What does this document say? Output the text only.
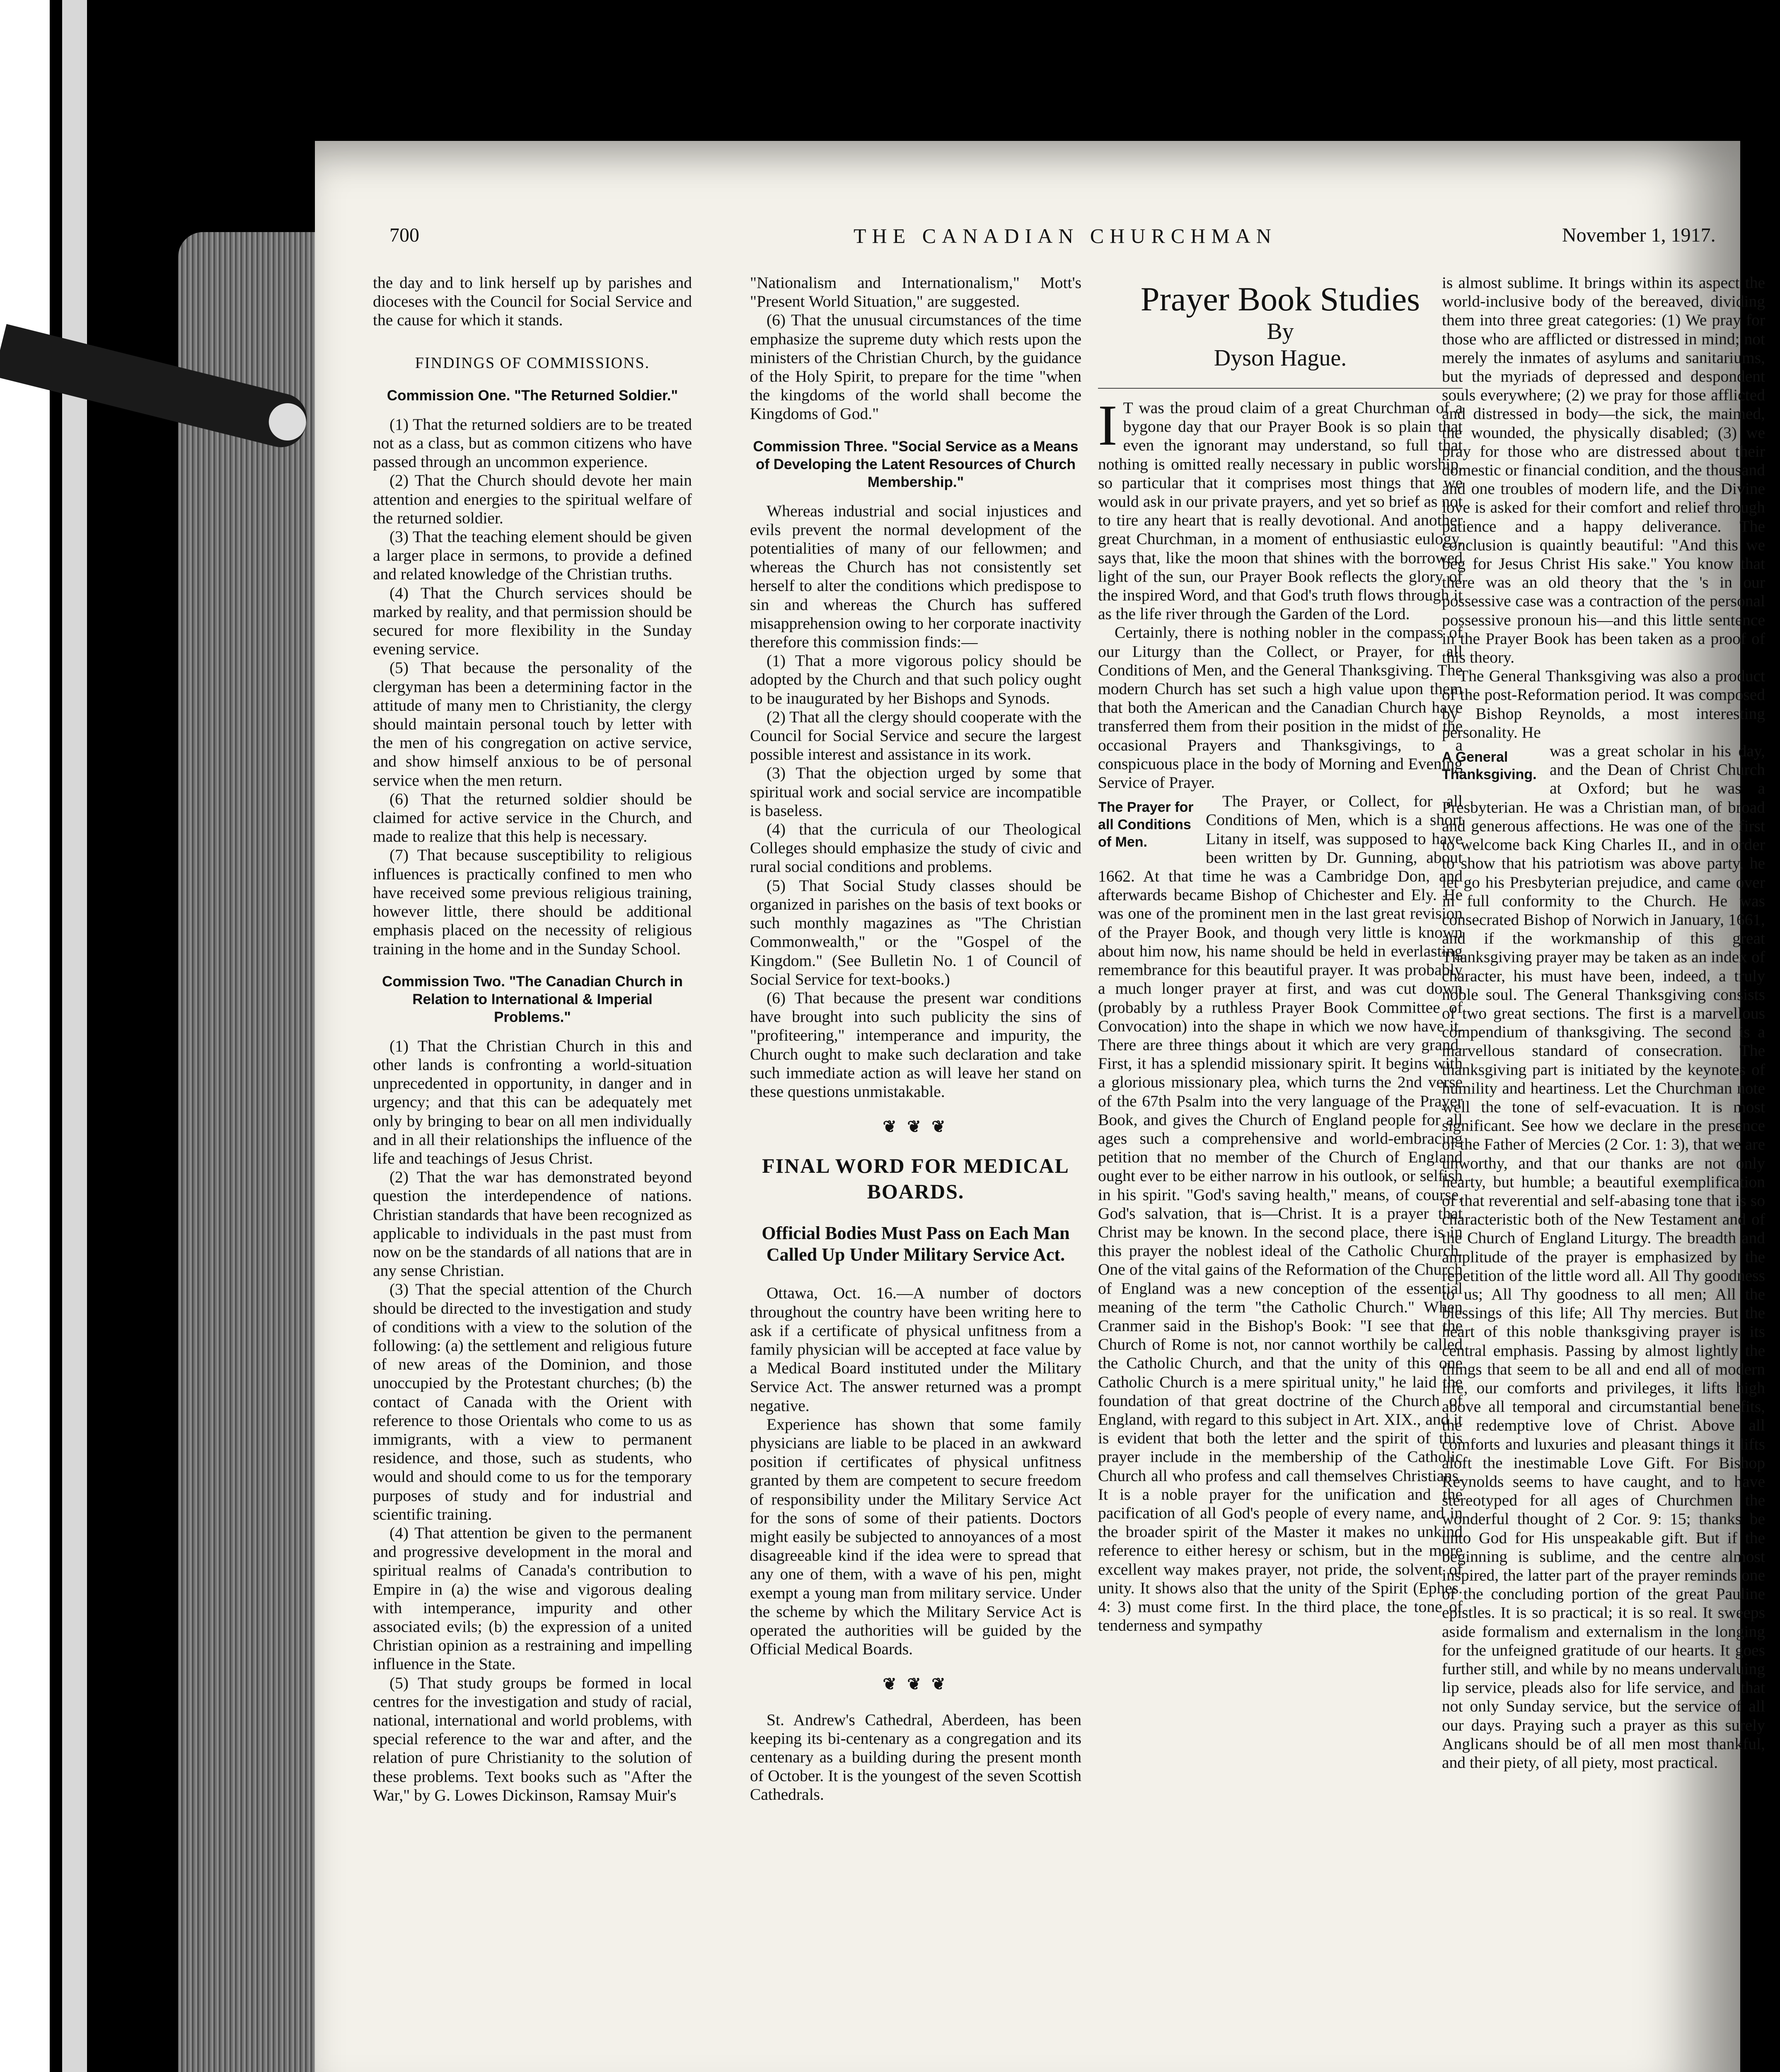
700	THE CANADIAN CHURCHMAN	November 1, 1917.

the day and to link herself up by parishes and dioceses with the Council for Social Service and the cause for which it stands.

FINDINGS OF COMMISSIONS.
Commission One. "The Returned Soldier."

(1) That the returned soldiers are to be treated not as a class, but as common citizens who have passed through an uncommon experience.

(2) That the Church should devote her main attention and energies to the spiritual welfare of the returned soldier.

(3) That the teaching element should be given a larger place in sermons, to provide a defined and related knowledge of the Christian truths.

(4) That the Church services should be marked by reality, and that permission should be secured for more flexibility in the Sunday evening service.

(5) That because the personality of the clergyman has been a determining factor in the attitude of many men to Christianity, the clergy should maintain personal touch by letter with the men of his congregation on active service, and show himself anxious to be of personal service when the men return.

(6) That the returned soldier should be claimed for active service in the Church, and made to realize that this help is necessary.

(7) That because susceptibility to religious influences is practically confined to men who have received some previous religious training, however little, there should be additional emphasis placed on the necessity of religious training in the home and in the Sunday School.

Commission Two. "The Canadian Church in Relation to International & Imperial Problems."

(1) That the Christian Church in this and other lands is confronting a world-situation unprecedented in opportunity, in danger and in urgency; and that this can be adequately met only by bringing to bear on all men individually and in all their relationships the influence of the life and teachings of Jesus Christ.

(2) That the war has demonstrated beyond question the interdependence of nations. Christian standards that have been recognized as applicable to individuals in the past must from now on be the standards of all nations that are in any sense Christian.

(3) That the special attention of the Church should be directed to the investigation and study of conditions with a view to the solution of the following: (a) the settlement and religious future of new areas of the Dominion, and those unoccupied by the Protestant churches; (b) the contact of Canada with the Orient with reference to those Orientals who come to us as immigrants, with a view to permanent residence, and those, such as students, who would and should come to us for the temporary purposes of study and for industrial and scientific training.

(4) That attention be given to the permanent and progressive development in the moral and spiritual realms of Canada's contribution to Empire in (a) the wise and vigorous dealing with intemperance, impurity and other associated evils; (b) the expression of a united Christian opinion as a restraining and impelling influence in the State.

(5) That study groups be formed in local centres for the investigation and study of racial, national, international and world problems, with special reference to the war and after, and the relation of pure Christianity to the solution of these problems. Text books such as "After the War," by G. Lowes Dickinson, Ramsay Muir's

"Nationalism and Internationalism," Mott's "Present World Situation," are suggested.

(6) That the unusual circumstances of the time emphasize the supreme duty which rests upon the ministers of the Christian Church, by the guidance of the Holy Spirit, to prepare for the time "when the kingdoms of the world shall become the Kingdoms of God."

Commission Three. "Social Service as a Means of Developing the Latent Resources of Church Membership."

Whereas industrial and social injustices and evils prevent the normal development of the potentialities of many of our fellowmen; and whereas the Church has not consistently set herself to alter the conditions which predispose to sin and whereas the Church has suffered misapprehension owing to her corporate inactivity therefore this commission finds:—

(1) That a more vigorous policy should be adopted by the Church and that such policy ought to be inaugurated by her Bishops and Synods.

(2) That all the clergy should cooperate with the Council for Social Service and secure the largest possible interest and assistance in its work.

(3) That the objection urged by some that spiritual work and social service are incompatible is baseless.

(4) that the curricula of our Theological Colleges should emphasize the study of civic and rural social conditions and problems.

(5) That Social Study classes should be organized in parishes on the basis of text books or such monthly magazines as "The Christian Commonwealth," or the "Gospel of the Kingdom." (See Bulletin No. 1 of Council of Social Service for text-books.)

(6) That because the present war conditions have brought into such publicity the sins of "profiteering," intemperance and impurity, the Church ought to make such declaration and take such immediate action as will leave her stand on these questions unmistakable.

❦ ❦ ❦
FINAL WORD FOR MEDICAL BOARDS.
Official Bodies Must Pass on Each Man Called Up Under Military Service Act.

Ottawa, Oct. 16.—A number of doctors throughout the country have been writing here to ask if a certificate of physical unfitness from a family physician will be accepted at face value by a Medical Board instituted under the Military Service Act. The answer returned was a prompt negative.

Experience has shown that some family physicians are liable to be placed in an awkward position if certificates of physical unfitness granted by them are competent to secure freedom of responsibility under the Military Service Act for the sons of some of their patients. Doctors might easily be subjected to annoyances of a most disagreeable kind if the idea were to spread that any one of them, with a wave of his pen, might exempt a young man from military service. Under the scheme by which the Military Service Act is operated the authorities will be guided by the Official Medical Boards.

❦ ❦ ❦

St. Andrew's Cathedral, Aberdeen, has been keeping its bi-centenary as a congregation and its centenary as a building during the present month of October. It is the youngest of the seven Scottish Cathedrals.

Prayer Book Studies
By
Dyson Hague.

I T was the proud claim of a great Churchman of a bygone day that our Prayer Book is so plain that even the ignorant may understand, so full that nothing is omitted really necessary in public worship, so particular that it comprises most things that we would ask in our private prayers, and yet so brief as not to tire any heart that is really devotional. And another great Churchman, in a moment of enthusiastic eulogy, says that, like the moon that shines with the borrowed light of the sun, our Prayer Book reflects the glory of the inspired Word, and that God's truth flows through it as the life river through the Garden of the Lord.

Certainly, there is nothing nobler in the compass of our Liturgy than the Collect, or Prayer, for all Conditions of Men, and the General Thanksgiving. The modern Church has set such a high value upon them that both the American and the Canadian Church have transferred them from their position in the midst of the occasional Prayers and Thanksgivings, to a conspicuous place in the body of Morning and Evening Service of Prayer.

The Prayer for all Conditions of Men.

The Prayer, or Collect, for all Conditions of Men, which is a short Litany in itself, was supposed to have been written by Dr. Gunning, about 1662. At that time he was a Cambridge Don, and afterwards became Bishop of Chichester and Ely. He was one of the prominent men in the last great revision of the Prayer Book, and though very little is known about him now, his name should be held in everlasting remembrance for this beautiful prayer. It was probably a much longer prayer at first, and was cut down (probably by a ruthless Prayer Book Committee of Convocation) into the shape in which we now have it. There are three things about it which are very grand. First, it has a splendid missionary spirit. It begins with a glorious missionary plea, which turns the 2nd verse of the 67th Psalm into the very language of the Prayer Book, and gives the Church of England people for all ages such a comprehensive and world-embracing petition that no member of the Church of England ought ever to be either narrow in his outlook, or selfish in his spirit. "God's saving health," means, of course, God's salvation, that is—Christ. It is a prayer that Christ may be known. In the second place, there is in this prayer the noblest ideal of the Catholic Church. One of the vital gains of the Reformation of the Church of England was a new conception of the essential meaning of the term "the Catholic Church." When Cranmer said in the Bishop's Book: "I see that the Church of Rome is not, nor cannot worthily be called the Catholic Church, and that the unity of this one Catholic Church is a mere spiritual unity," he laid the foundation of that great doctrine of the Church of England, with regard to this subject in Art. XIX., and it is evident that both the letter and the spirit of this prayer include in the membership of the Catholic Church all who profess and call themselves Christians. It is a noble prayer for the unification and the pacification of all God's people of every name, and in the broader spirit of the Master it makes no unkind reference to either heresy or schism, but in the more excellent way makes prayer, not pride, the solvent of unity. It shows also that the unity of the Spirit (Ephes. 4: 3) must come first. In the third place, the tone of tenderness and sympathy

is almost sublime. It brings within its aspect the world-inclusive body of the bereaved, dividing them into three great categories: (1) We pray for those who are afflicted or distressed in mind; not merely the inmates of asylums and sanitariums, but the myriads of depressed and despondent souls everywhere; (2) we pray for those afflicted and distressed in body—the sick, the maimed, the wounded, the physically disabled; (3) we pray for those who are distressed about their domestic or financial condition, and the thousand and one troubles of modern life, and the Divine love is asked for their comfort and relief through patience and a happy deliverance. The conclusion is quaintly beautiful: "And this we beg for Jesus Christ His sake." You know that there was an old theory that the 's in our possessive case was a contraction of the personal possessive pronoun his—and this little sentence in the Prayer Book has been taken as a proof of this theory.

The General Thanksgiving was also a product of the post-Reformation period. It was composed by Bishop Reynolds, a most interesting personality. He

A General Thanksgiving.

was a great scholar in his day, and the Dean of Christ Church at Oxford; but he was a Presbyterian. He was a Christian man, of broad and generous affections. He was one of the first to welcome back King Charles II., and in order to show that his patriotism was above party, he let go his Presbyterian prejudice, and came over in full conformity to the Church. He was consecrated Bishop of Norwich in January, 1661, and if the workmanship of this great Thanksgiving prayer may be taken as an index of character, his must have been, indeed, a truly noble soul. The General Thanksgiving consists of two great sections. The first is a marvellous compendium of thanksgiving. The second is a marvellous standard of consecration. The thanksgiving part is initiated by the keynotes of humility and heartiness. Let the Churchman note well the tone of self-evacuation. It is most significant. See how we declare in the presence of the Father of Mercies (2 Cor. 1: 3), that we are unworthy, and that our thanks are not only hearty, but humble; a beautiful exemplification of that reverential and self-abasing tone that is so characteristic both of the New Testament and of the Church of England Liturgy. The breadth and amplitude of the prayer is emphasized by the repetition of the little word all. All Thy goodness to us; All Thy goodness to all men; All the blessings of this life; All Thy mercies. But the heart of this noble thanksgiving prayer is its central emphasis. Passing by almost lightly the things that seem to be all and end all of modern life, our comforts and privileges, it lifts high above all temporal and circumstantial benefits, the redemptive love of Christ. Above all comforts and luxuries and pleasant things it lifts aloft the inestimable Love Gift. For Bishop Reynolds seems to have caught, and to have stereotyped for all ages of Churchmen the wonderful thought of 2 Cor. 9: 15; thanks be unto God for His unspeakable gift. But if the beginning is sublime, and the centre almost inspired, the latter part of the prayer reminds one of the concluding portion of the great Pauline epistles. It is so practical; it is so real. It sweeps aside formalism and externalism in the longing for the unfeigned gratitude of our hearts. It goes further still, and while by no means undervaluing lip service, pleads also for life service, and that not only Sunday service, but the service of all our days. Praying such a prayer as this surely Anglicans should be of all men most thankful, and their piety, of all piety, most practical.
